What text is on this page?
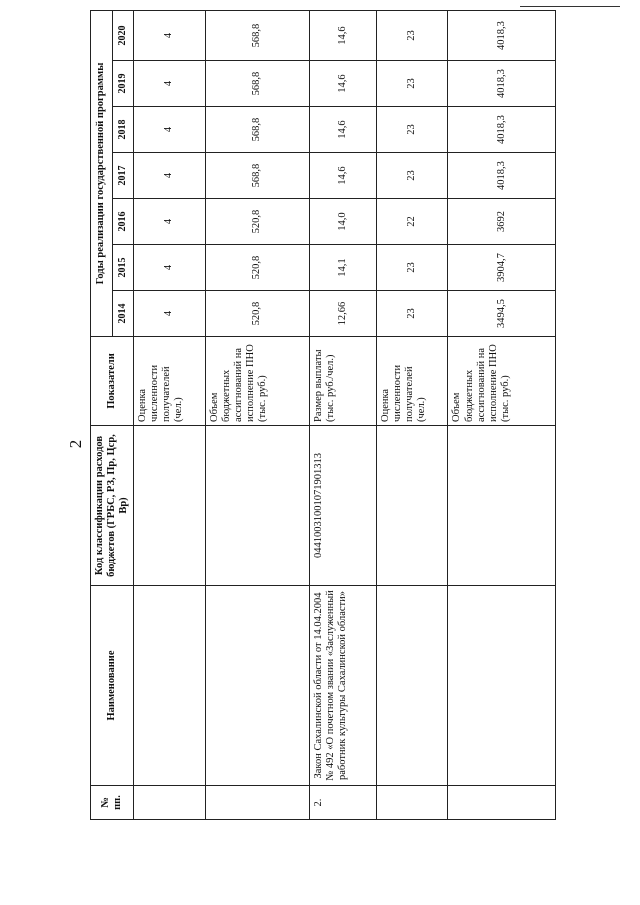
2
№ пп.	Наименование	Код классификации расходов бюджетов (ГРБС, РЗ, Пр, Цср, Вр)	Показатели	Годы реализации государственной программы						
				2014	2015	2016	2017	2018	2019	2020
			Оценка численности получателей (чел.)	4	4	4	4	4	4	4
			Объем бюджетных ассигнований на исполнение ПНО (тыс. руб.)	520,8	520,8	520,8	568,8	568,8	568,8	568,8
2.	Закон Сахалинской области от 14.04.2004 № 492 «О почетном звании «Заслуженный работник культуры Сахалинской области»	04410031001071901313	Размер выплаты (тыс. руб./чел.)	12,66	14,1	14,0	14,6	14,6	14,6	14,6
			Оценка численности получателей (чел.)	23	23	22	23	23	23	23
			Объем бюджетных ассигнований на исполнение ПНО (тыс. руб.)	3494,5	3904,7	3692	4018,3	4018,3	4018,3	4018,3
